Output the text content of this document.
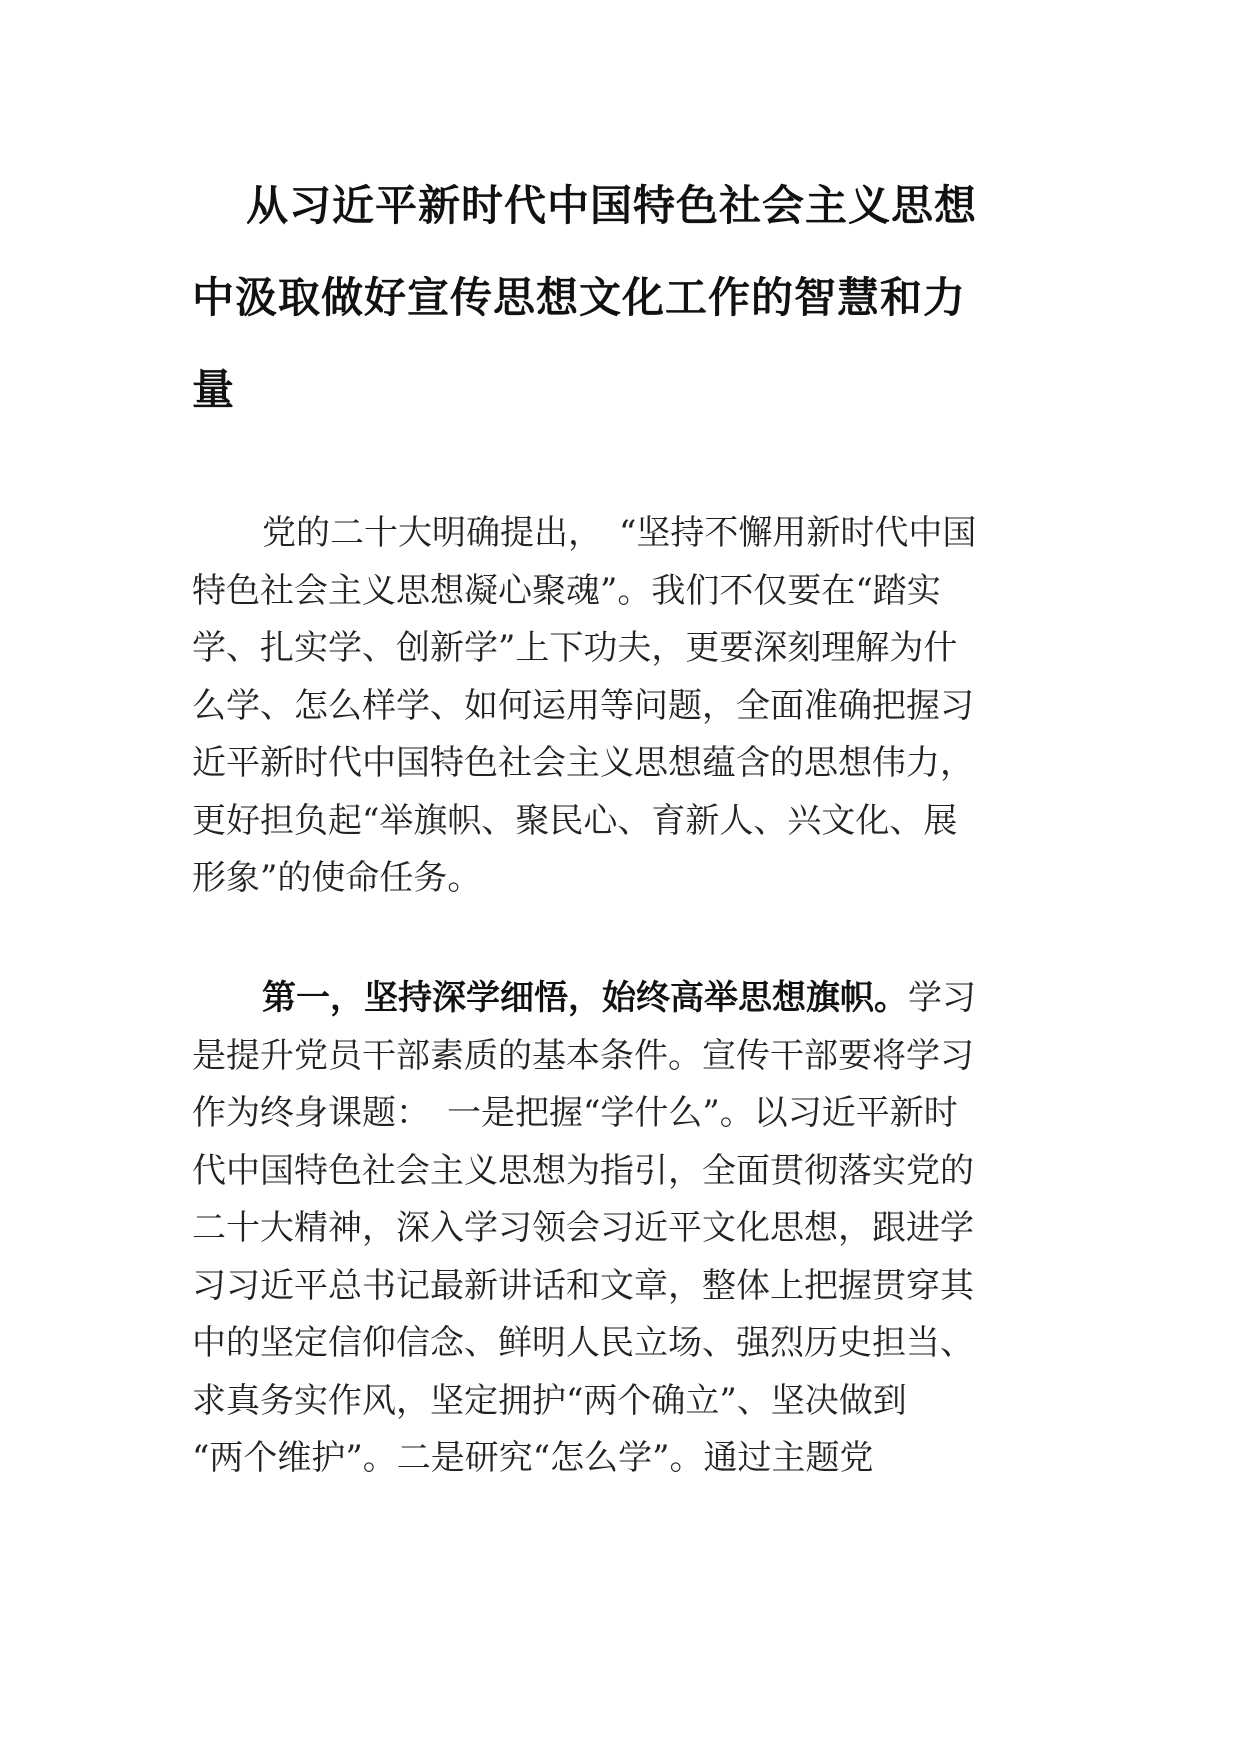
从习近平新时代中国特色社会主义思想
中汲取做好宣传思想文化工作的智慧和力
量
党的二十大明确提出，　“坚持不懈用新时代中国
特色社会主义思想凝心聚魂”。我们不仅要在“踏实
学、扎实学、创新学”上下功夫，更要深刻理解为什
么学、怎么样学、如何运用等问题，全面准确把握习
近平新时代中国特色社会主义思想蕴含的思想伟力，
更好担负起“举旗帜、聚民心、育新人、兴文化、展
形象”的使命任务。
第一，坚持深学细悟，始终高举思想旗帜。学习
是提升党员干部素质的基本条件。宣传干部要将学习
作为终身课题：　一是把握“学什么”。以习近平新时
代中国特色社会主义思想为指引，全面贯彻落实党的
二十大精神，深入学习领会习近平文化思想，跟进学
习习近平总书记最新讲话和文章，整体上把握贯穿其
中的坚定信仰信念、鲜明人民立场、强烈历史担当、
求真务实作风，坚定拥护“两个确立”、坚决做到
“两个维护”。二是研究“怎么学”。通过主题党
